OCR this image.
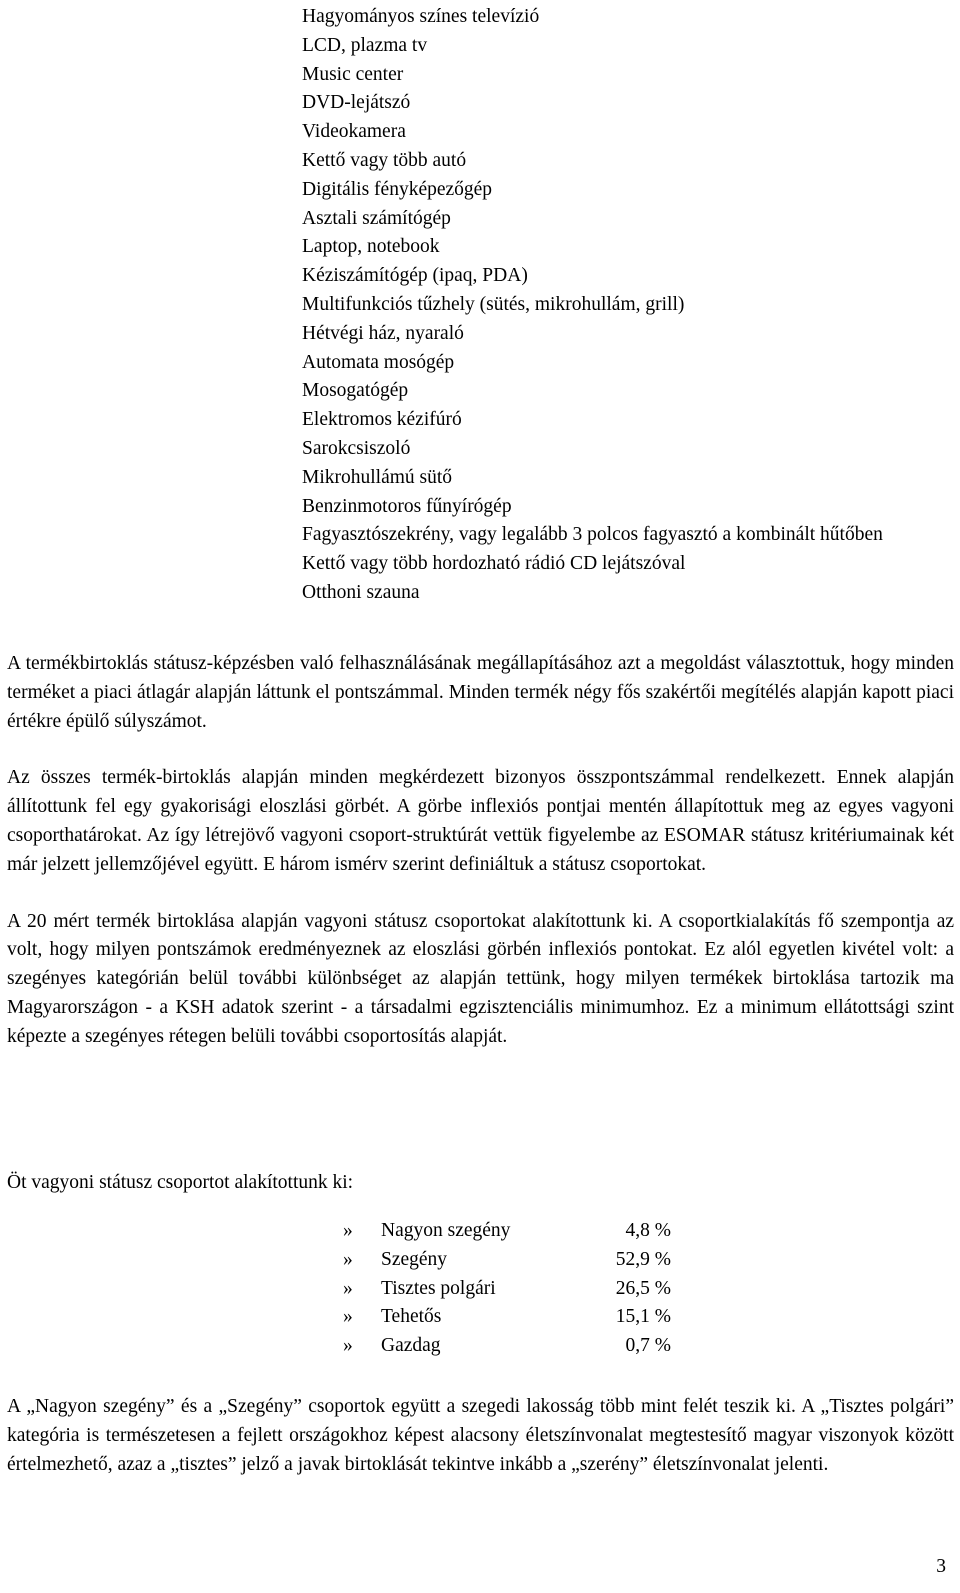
Hagyományos színes televízió
LCD, plazma tv
Music center
DVD-lejátszó
Videokamera
Kettő vagy több autó
Digitális fényképezőgép
Asztali számítógép
Laptop, notebook
Kéziszámítógép (ipaq, PDA)
Multifunkciós tűzhely (sütés, mikrohullám, grill)
Hétvégi ház, nyaraló
Automata mosógép
Mosogatógép
Elektromos kézifúró
Sarokcsiszoló
Mikrohullámú sütő
Benzinmotoros fűnyírógép
Fagyasztószekrény, vagy legalább 3 polcos fagyasztó a kombinált hűtőben
Kettő vagy több hordozható rádió CD lejátszóval
Otthoni szauna

A termékbirtoklás státusz-képzésben való felhasználásának megállapításához azt a megoldást választottuk, hogy minden terméket a piaci átlagár alapján láttunk el pontszámmal. Minden termék négy fős szakértői megítélés alapján kapott piaci értékre épülő súlyszámot.

Az összes termék-birtoklás alapján minden megkérdezett bizonyos összpontszámmal rendelkezett. Ennek alapján állítottunk fel egy gyakorisági eloszlási görbét. A görbe inflexiós pontjai mentén állapítottuk meg az egyes vagyoni csoporthatárokat. Az így létrejövő vagyoni csoport-struktúrát vettük figyelembe az ESOMAR státusz kritériumainak két már jelzett jellemzőjével együtt. E három ismérv szerint definiáltuk a státusz csoportokat.

A 20 mért termék birtoklása alapján vagyoni státusz csoportokat alakítottunk ki. A csoportkialakítás fő szempontja az volt, hogy milyen pontszámok eredményeznek az eloszlási görbén inflexiós pontokat. Ez alól egyetlen kivétel volt: a szegényes kategórián belül további különbséget az alapján tettünk, hogy milyen termékek birtoklása tartozik ma Magyarországon - a KSH adatok szerint - a társadalmi egzisztenciális minimumhoz. Ez a minimum ellátottsági szint képezte a szegényes rétegen belüli további csoportosítás alapját.

Öt vagyoni státusz csoportot alakítottunk ki:

»	Nagyon szegény	4,8 %
»	Szegény	52,9 %
»	Tisztes polgári	26,5 %
»	Tehetős	15,1 %
»	Gazdag	0,7 %

A „Nagyon szegény” és a „Szegény” csoportok együtt a szegedi lakosság több mint felét teszik ki. A „Tisztes polgári” kategória is természetesen a fejlett országokhoz képest alacsony életszínvonalat megtestesítő magyar viszonyok között értelmezhető, azaz a „tisztes” jelző a javak birtoklását tekintve inkább a „szerény” életszínvonalat jelenti.

3
